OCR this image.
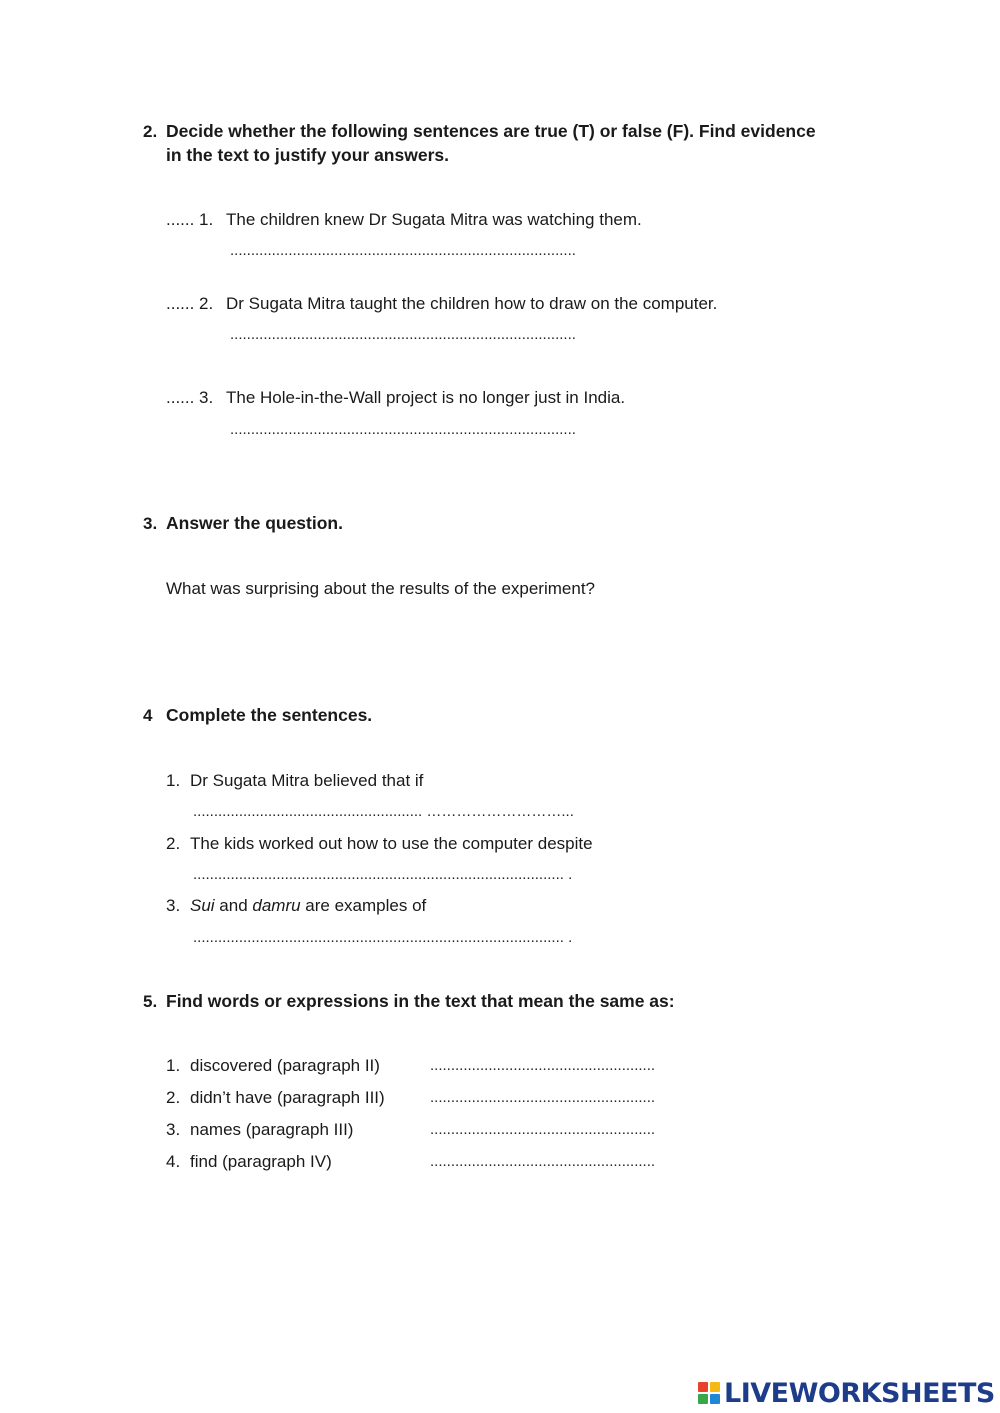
2. Decide whether the following sentences are true (T) or false (F). Find evidence
in the text to justify your answers.
...... 1. The children knew Dr Sugata Mitra was watching them.
...................................................................................
...... 2. Dr Sugata Mitra taught the children how to draw on the computer.
...................................................................................
...... 3. The Hole-in-the-Wall project is no longer just in India.
...................................................................................
3. Answer the question.
What was surprising about the results of the experiment?
4 Complete the sentences.
1. Dr Sugata Mitra believed that if
....................................................... ………………………...
2. The kids worked out how to use the computer despite
......................................................................................... .
3. Sui and damru are examples of
......................................................................................... .
5. Find words or expressions in the text that mean the same as:
1. discovered (paragraph II)	......................................................
2. didn’t have (paragraph III)	......................................................
3. names (paragraph III)	......................................................
4. find (paragraph IV)	......................................................
LIVEWORKSHEETS
